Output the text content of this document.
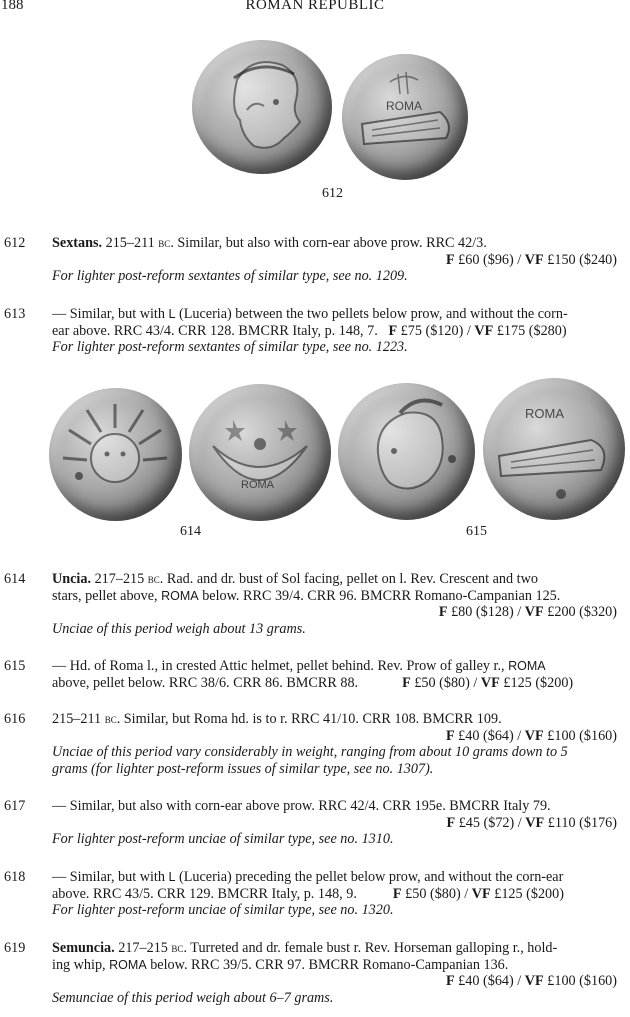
188	ROMAN REPUBLIC
ROMA
612
612 Sextans. 215–211 bc. Similar, but also with corn-ear above prow. RRC 42/3.
F £60 ($96) / VF £150 ($240)
For lighter post-reform sextantes of similar type, see no. 1209.
613 — Similar, but with L (Luceria) between the two pellets below prow, and without the corn-
ear above. RRC 43/4. CRR 128. BMCRR Italy, p. 148, 7. F £75 ($120) / VF £175 ($280)
For lighter post-reform sextantes of similar type, see no. 1223.
ROMA
ROMA
614	615
614 Uncia. 217–215 bc. Rad. and dr. bust of Sol facing, pellet on l. Rev. Crescent and two
stars, pellet above, ROMA below. RRC 39/4. CRR 96. BMCRR Romano-Campanian 125.
F £80 ($128) / VF £200 ($320)
Unciae of this period weigh about 13 grams.
615 — Hd. of Roma l., in crested Attic helmet, pellet behind. Rev. Prow of galley r., ROMA
above, pellet below. RRC 38/6. CRR 86. BMCRR 88.	F £50 ($80) / VF £125 ($200)
616 215–211 bc. Similar, but Roma hd. is to r. RRC 41/10. CRR 108. BMCRR 109.
F £40 ($64) / VF £100 ($160)
Unciae of this period vary considerably in weight, ranging from about 10 grams down to 5
grams (for lighter post-reform issues of similar type, see no. 1307).
617 — Similar, but also with corn-ear above prow. RRC 42/4. CRR 195e. BMCRR Italy 79.
F £45 ($72) / VF £110 ($176)
For lighter post-reform unciae of similar type, see no. 1310.
618 — Similar, but with L (Luceria) preceding the pellet below prow, and without the corn-ear
above. RRC 43/5. CRR 129. BMCRR Italy, p. 148, 9.	F £50 ($80) / VF £125 ($200)
For lighter post-reform unciae of similar type, see no. 1320.
619 Semuncia. 217–215 bc. Turreted and dr. female bust r. Rev. Horseman galloping r., hold-
ing whip, ROMA below. RRC 39/5. CRR 97. BMCRR Romano-Campanian 136.
F £40 ($64) / VF £100 ($160)
Semunciae of this period weigh about 6–7 grams.
